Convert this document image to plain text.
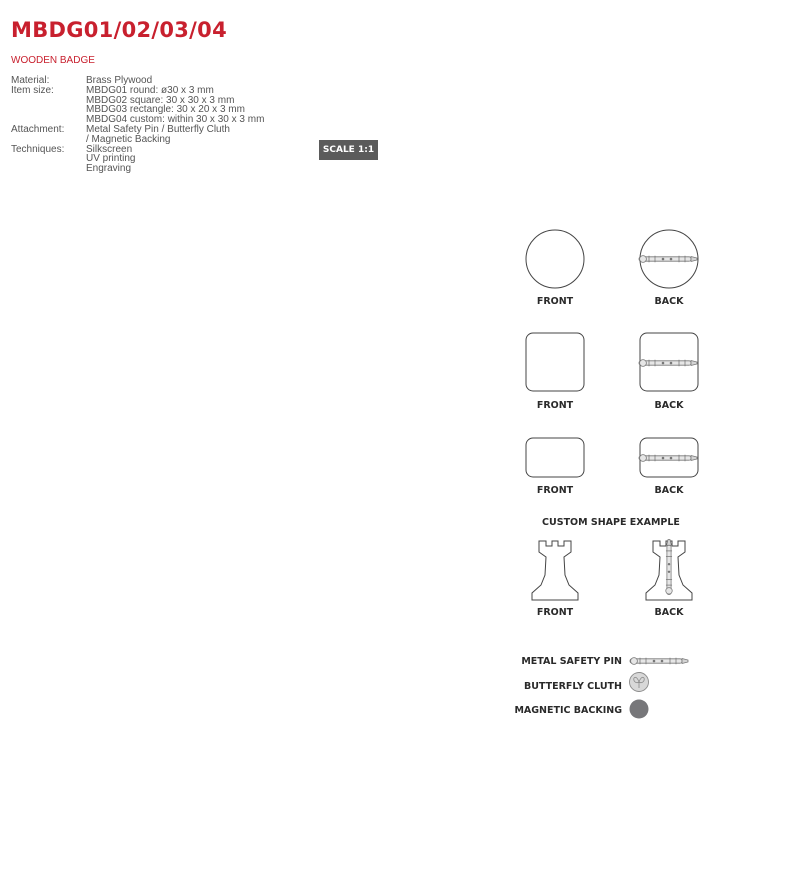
MBDG01/02/03/04

WOODEN BADGE

Material:	Brass Plywood
Item size:	MBDG01 round: ø30 x 3 mm
MBDG02 square: 30 x 30 x 3 mm
MBDG03 rectangle: 30 x 20 x 3 mm
MBDG04 custom: within 30 x 30 x 3 mm
Attachment:	Metal Safety Pin / Butterfly Cluth
/ Magnetic Backing
Techniques:	Silkscreen
UV printing
Engraving
SCALE 1:1
FRONT	BACK
FRONT	BACK
FRONT	BACK
CUSTOM SHAPE EXAMPLE
FRONT	BACK
METAL SAFETY PIN
BUTTERFLY CLUTH
MAGNETIC BACKING
